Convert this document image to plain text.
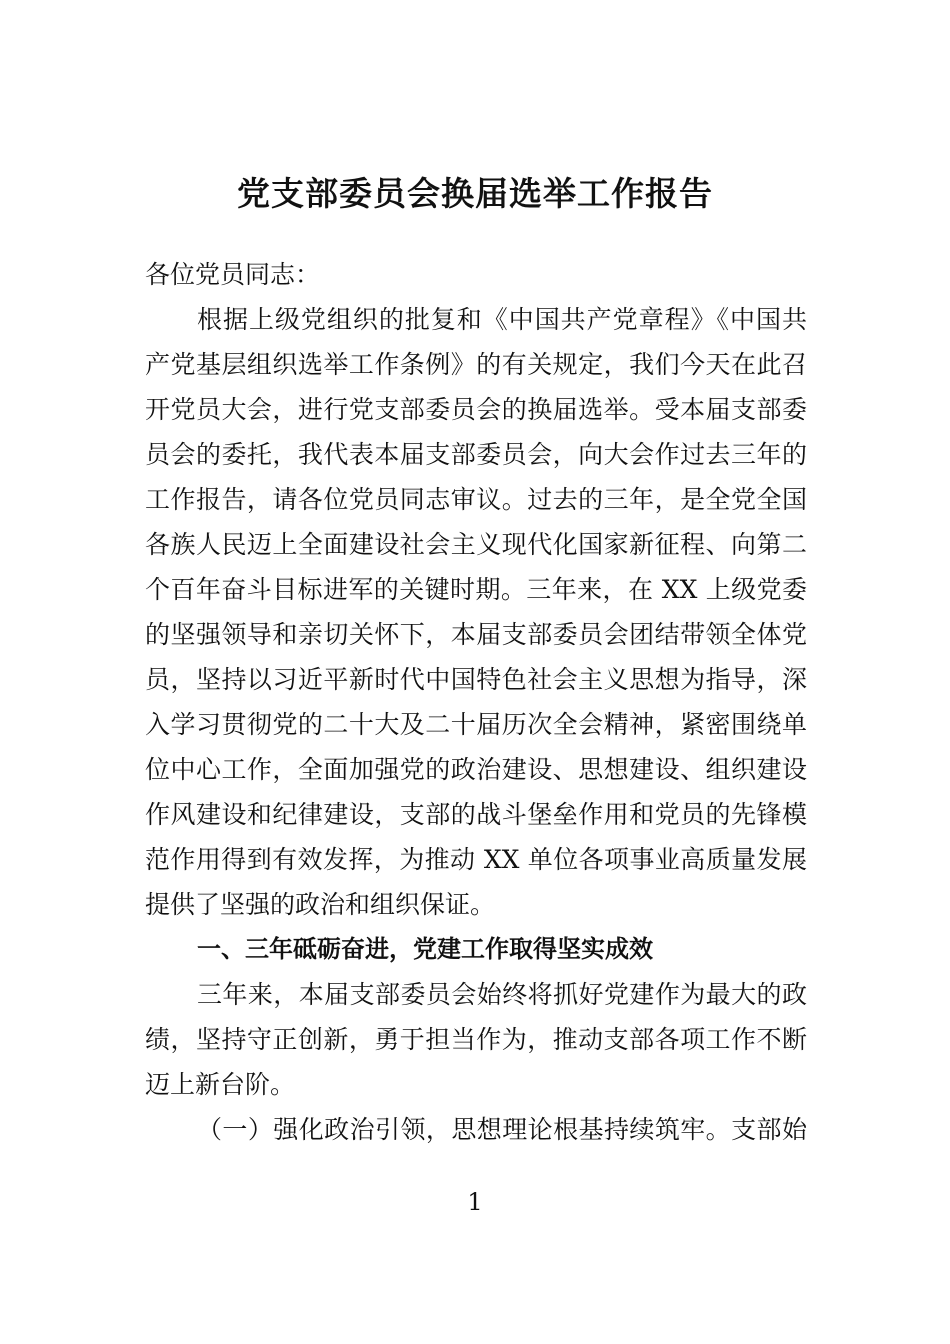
党支部委员会换届选举工作报告
各位党员同志：
根据上级党组织的批复和《中国共产党章程》《中国共
产党基层组织选举工作条例》的有关规定，我们今天在此召
开党员大会，进行党支部委员会的换届选举。受本届支部委
员会的委托，我代表本届支部委员会，向大会作过去三年的
工作报告，请各位党员同志审议。过去的三年，是全党全国
各族人民迈上全面建设社会主义现代化国家新征程、向第二
个百年奋斗目标进军的关键时期。三年来，在 XX 上级党委
的坚强领导和亲切关怀下，本届支部委员会团结带领全体党
员，坚持以习近平新时代中国特色社会主义思想为指导，深
入学习贯彻党的二十大及二十届历次全会精神，紧密围绕单
位中心工作，全面加强党的政治建设、思想建设、组织建设
作风建设和纪律建设，支部的战斗堡垒作用和党员的先锋模
范作用得到有效发挥，为推动 XX 单位各项事业高质量发展
提供了坚强的政治和组织保证。
一、三年砥砺奋进，党建工作取得坚实成效
三年来，本届支部委员会始终将抓好党建作为最大的政
绩，坚持守正创新，勇于担当作为，推动支部各项工作不断
迈上新台阶。
（一）强化政治引领，思想理论根基持续筑牢。支部始
1
